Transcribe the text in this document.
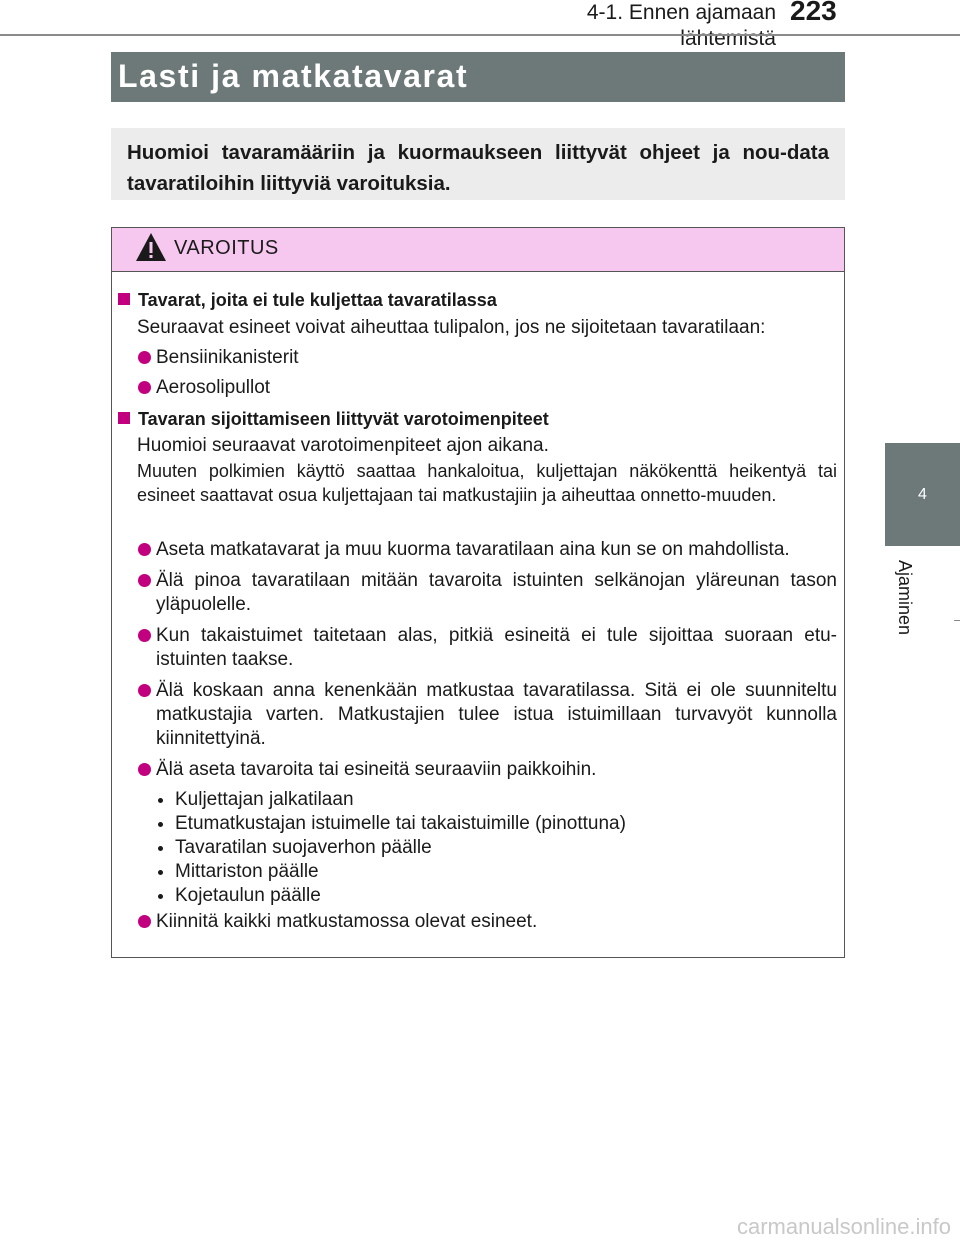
4-1. Ennen ajamaan lähtemistä
223
4
Ajaminen
Lasti ja matkatavarat
Huomioi tavaramääriin ja kuormaukseen liittyvät ohjeet ja nou-data tavaratiloihin liittyviä varoituksia.
VAROITUS
Tavarat, joita ei tule kuljettaa tavaratilassa
Seuraavat esineet voivat aiheuttaa tulipalon, jos ne sijoitetaan tavaratilaan:
Bensiinikanisterit
Aerosolipullot
Tavaran sijoittamiseen liittyvät varotoimenpiteet
Huomioi seuraavat varotoimenpiteet ajon aikana.
Muuten polkimien käyttö saattaa hankaloitua, kuljettajan näkökenttä heikentyä tai esineet saattavat osua kuljettajaan tai matkustajiin ja aiheuttaa onnetto-muuden.
Aseta matkatavarat ja muu kuorma tavaratilaan aina kun se on mahdollista.
Älä pinoa tavaratilaan mitään tavaroita istuinten selkänojan yläreunan tason yläpuolelle.
Kun takaistuimet taitetaan alas, pitkiä esineitä ei tule sijoittaa suoraan etu-istuinten taakse.
Älä koskaan anna kenenkään matkustaa tavaratilassa. Sitä ei ole suunniteltu matkustajia varten. Matkustajien tulee istua istuimillaan turvavyöt kunnolla kiinnitettyinä.
Älä aseta tavaroita tai esineitä seuraaviin paikkoihin.
Kuljettajan jalkatilaan
Etumatkustajan istuimelle tai takaistuimille (pinottuna)
Tavaratilan suojaverhon päälle
Mittariston päälle
Kojetaulun päälle
Kiinnitä kaikki matkustamossa olevat esineet.
carmanualsonline.info
